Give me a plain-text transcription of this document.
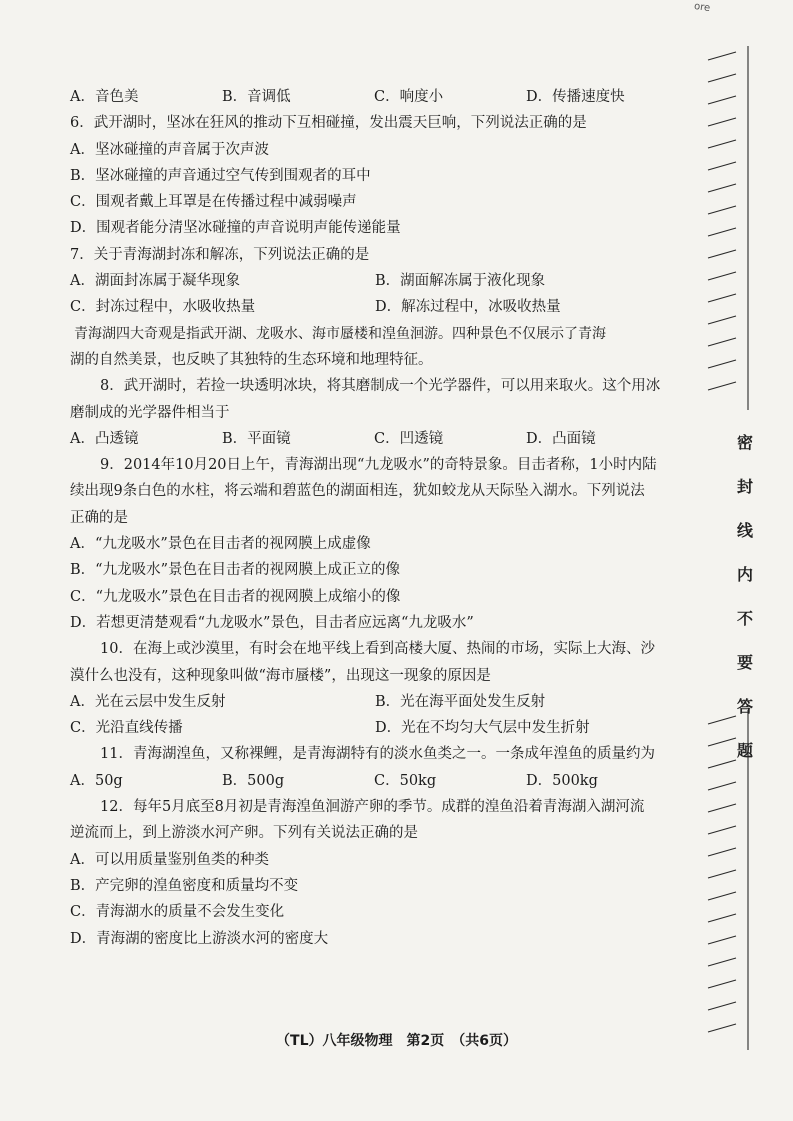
ore
A．音色美	B．音调低	C．响度小	D．传播速度快
6．武开湖时，坚冰在狂风的推动下互相碰撞，发出震天巨响，下列说法正确的是
A．坚冰碰撞的声音属于次声波
B．坚冰碰撞的声音通过空气传到围观者的耳中
C．围观者戴上耳罩是在传播过程中减弱噪声
D．围观者能分清坚冰碰撞的声音说明声能传递能量
7．关于青海湖封冻和解冻，下列说法正确的是
A．湖面封冻属于凝华现象	B．湖面解冻属于液化现象
C．封冻过程中，水吸收热量	D．解冻过程中，冰吸收热量
青海湖四大奇观是指武开湖、龙吸水、海市蜃楼和湟鱼洄游。四种景色不仅展示了青海
湖的自然美景，也反映了其独特的生态环境和地理特征。
8．武开湖时，若捡一块透明冰块，将其磨制成一个光学器件，可以用来取火。这个用冰
磨制成的光学器件相当于
A．凸透镜	B．平面镜	C．凹透镜	D．凸面镜
9．2014年10月20日上午，青海湖出现“九龙吸水”的奇特景象。目击者称，1小时内陆
续出现9条白色的水柱，将云端和碧蓝色的湖面相连，犹如蛟龙从天际坠入湖水。下列说法
正确的是
A．“九龙吸水”景色在目击者的视网膜上成虚像
B．“九龙吸水”景色在目击者的视网膜上成正立的像
C．“九龙吸水”景色在目击者的视网膜上成缩小的像
D．若想更清楚观看“九龙吸水”景色，目击者应远离“九龙吸水”
10．在海上或沙漠里，有时会在地平线上看到高楼大厦、热闹的市场，实际上大海、沙
漠什么也没有，这种现象叫做“海市蜃楼”，出现这一现象的原因是
A．光在云层中发生反射	B．光在海平面处发生反射
C．光沿直线传播	D．光在不均匀大气层中发生折射
11．青海湖湟鱼，又称裸鲤，是青海湖特有的淡水鱼类之一。一条成年湟鱼的质量约为
A．50g	B．500g	C．50kg	D．500kg
12．每年5月底至8月初是青海湟鱼洄游产卵的季节。成群的湟鱼沿着青海湖入湖河流
逆流而上，到上游淡水河产卵。下列有关说法正确的是
A．可以用质量鉴别鱼类的种类
B．产完卵的湟鱼密度和质量均不变
C．青海湖水的质量不会发生变化
D．青海湖的密度比上游淡水河的密度大
密
封
线
内
不
要
答
题
（TL）八年级物理　第2页　（共6页）
